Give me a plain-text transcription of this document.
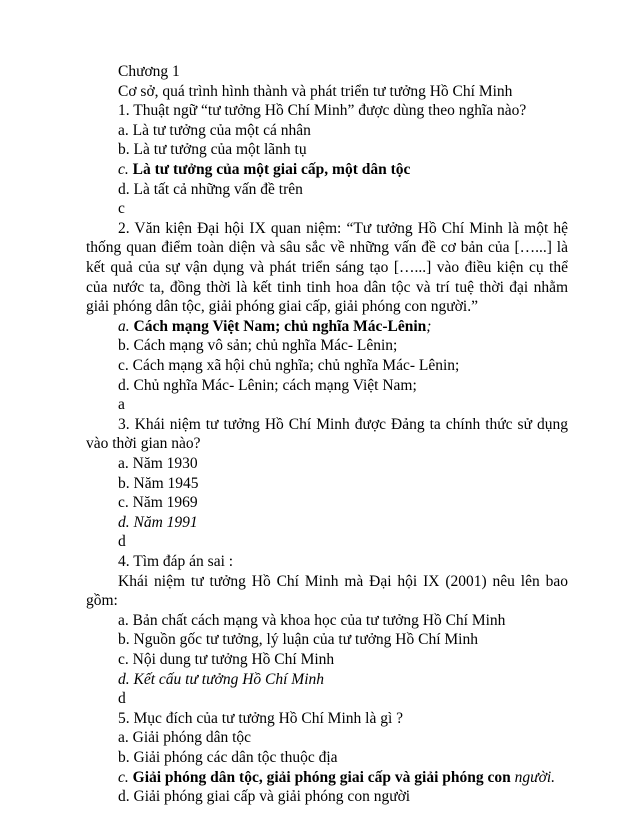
Chương 1
Cơ sở, quá trình hình thành và phát triển tư tưởng Hồ Chí Minh
1. Thuật ngữ “tư tưởng Hồ Chí Minh” được dùng theo nghĩa nào?
a. Là tư tưởng của một cá nhân
b. Là tư tưởng của một lãnh tụ
c. Là tư tưởng của một giai cấp, một dân tộc
d. Là tất cả những vấn đề trên
c
2. Văn kiện Đại hội IX quan niệm: “Tư tưởng Hồ Chí Minh là một hệ
thống quan điểm toàn diện và sâu sắc về những vấn đề cơ bản của […...] là
kết quả của sự vận dụng và phát triển sáng tạo […...] vào điều kiện cụ thể
của nước ta, đồng thời là kết tinh tinh hoa dân tộc và trí tuệ thời đại nhằm
giải phóng dân tộc, giải phóng giai cấp, giải phóng con người.”
a. Cách mạng Việt Nam; chủ nghĩa Mác-Lênin;
b. Cách mạng vô sản; chủ nghĩa Mác- Lênin;
c. Cách mạng xã hội chủ nghĩa; chủ nghĩa Mác- Lênin;
d. Chủ nghĩa Mác- Lênin; cách mạng Việt Nam;
a
3. Khái niệm tư tưởng Hồ Chí Minh được Đảng ta chính thức sử dụng
vào thời gian nào?
a. Năm 1930
b. Năm 1945
c. Năm 1969
d. Năm 1991
d
4. Tìm đáp án sai :
Khái niệm tư tưởng Hồ Chí Minh mà Đại hội IX (2001) nêu lên bao
gồm:
a. Bản chất cách mạng và khoa học của tư tưởng Hồ Chí Minh
b. Nguồn gốc tư tưởng, lý luận của tư tưởng Hồ Chí Minh
c. Nội dung tư tưởng Hồ Chí Minh
d. Kết cấu tư tưởng Hồ Chí Minh
d
5. Mục đích của tư tưởng Hồ Chí Minh là gì ?
a. Giải phóng dân tộc
b. Giải phóng các dân tộc thuộc địa
c. Giải phóng dân tộc, giải phóng giai cấp và giải phóng con người.
d. Giải phóng giai cấp và giải phóng con người
